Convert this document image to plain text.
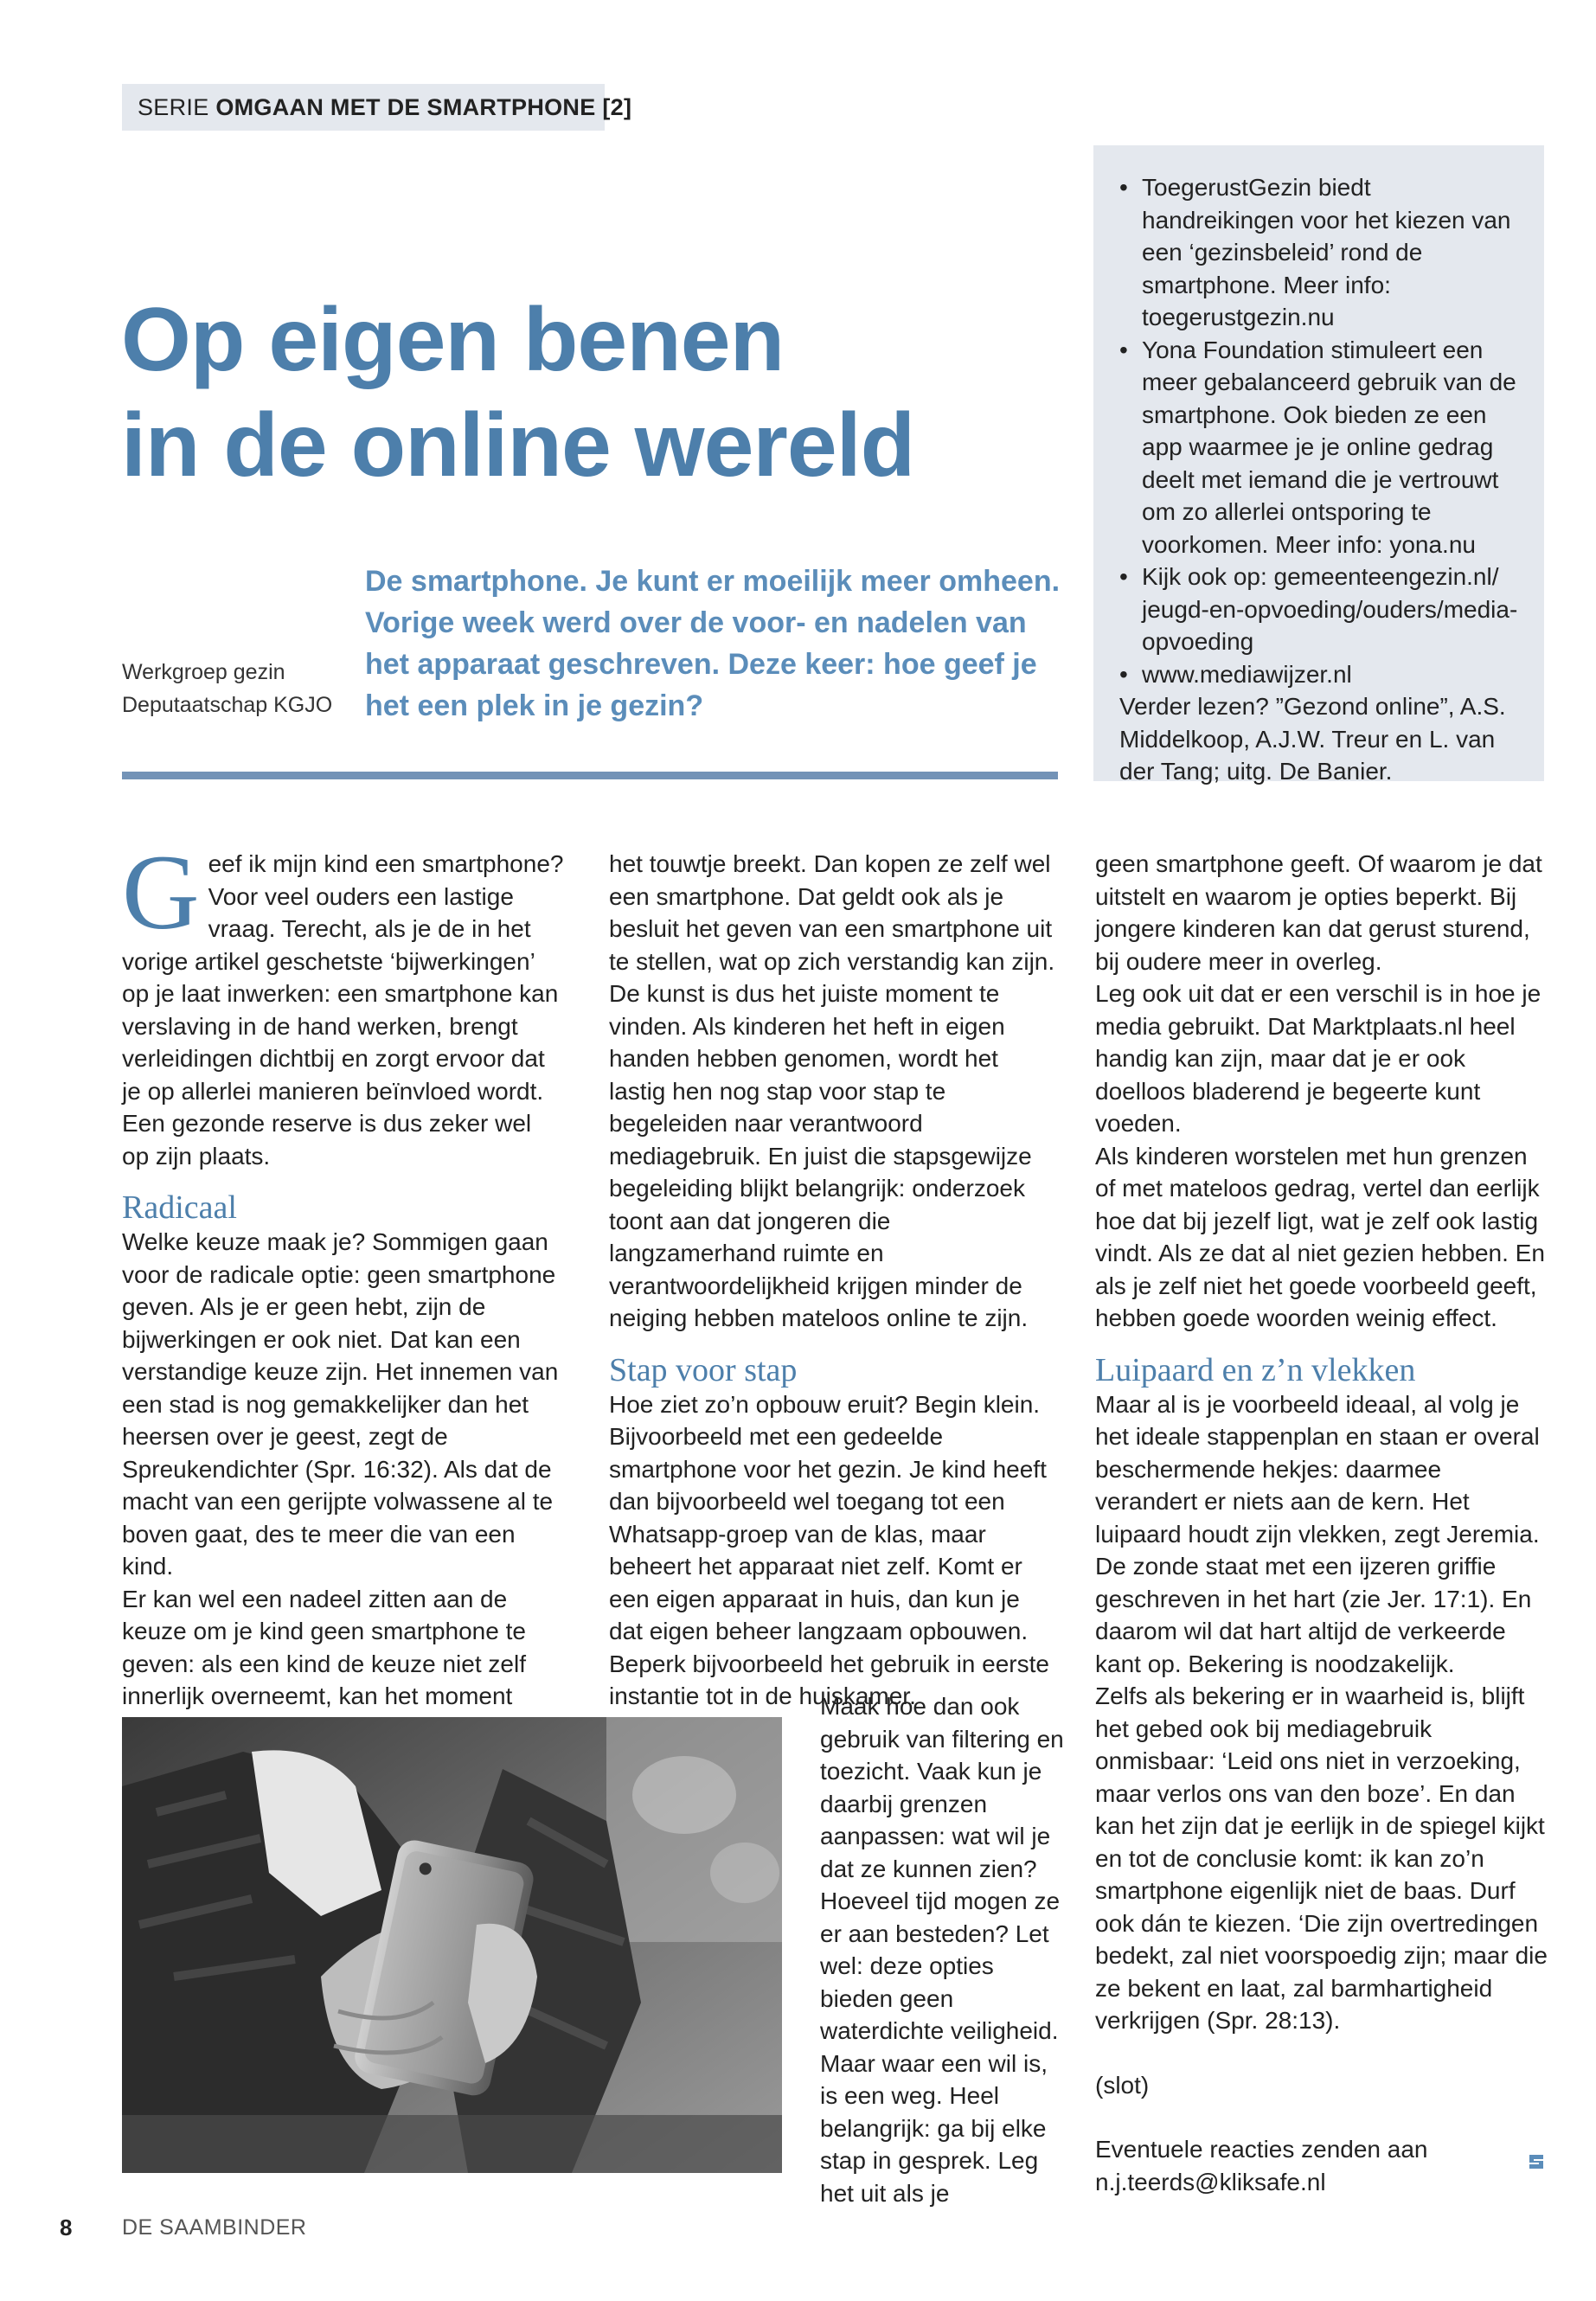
SERIE OMGAAN MET DE SMARTPHONE [2]
Op eigen benen
in de online wereld
Werkgroep gezin
Deputaatschap KGJO
De smartphone. Je kunt er moeilijk meer omheen. Vorige week werd over de voor- en nadelen van het apparaat geschreven. Deze keer: hoe geef je het een plek in je gezin?
• ToegerustGezin biedt handreikingen voor het kiezen van een ‘gezinsbeleid’ rond de smartphone. Meer info: toegerustgezin.nu
• Yona Foundation stimuleert een meer gebalanceerd gebruik van de smartphone. Ook bieden ze een app waarmee je je online gedrag deelt met iemand die je vertrouwt om zo allerlei ontsporing te voorkomen. Meer info: yona.nu
• Kijk ook op: gemeenteengezin.nl/ jeugd-en-opvoeding/ouders/media-opvoeding
• www.mediawijzer.nl

Verder lezen? ”Gezond online”, A.S. Middelkoop, A.J.W. Treur en L. van der Tang; uitg. De Banier.

Geef ik mijn kind een smartphone? Voor veel ouders een lastige vraag. Terecht, als je de in het vorige artikel geschetste ‘bijwerkingen’ op je laat inwerken: een smartphone kan verslaving in de hand werken, brengt verleidingen dichtbij en zorgt ervoor dat je op allerlei manieren beïnvloed wordt. Een gezonde reserve is dus zeker wel op zijn plaats.

Radicaal

Welke keuze maak je? Sommigen gaan voor de radicale optie: geen smartphone geven. Als je er geen hebt, zijn de bijwerkingen er ook niet. Dat kan een verstandige keuze zijn. Het innemen van een stad is nog gemakkelijker dan het heersen over je geest, zegt de Spreukendichter (Spr. 16:32). Als dat de macht van een gerijpte volwassene al te boven gaat, des te meer die van een kind.

Er kan wel een nadeel zitten aan de keuze om je kind geen smartphone te geven: als een kind de keuze niet zelf innerlijk overneemt, kan het moment

het touwtje breekt. Dan kopen ze zelf wel een smartphone. Dat geldt ook als je besluit het geven van een smartphone uit te stellen, wat op zich verstandig kan zijn. De kunst is dus het juiste moment te vinden. Als kinderen het heft in eigen handen hebben genomen, wordt het lastig hen nog stap voor stap te begeleiden naar verantwoord mediagebruik. En juist die stapsgewijze begeleiding blijkt belangrijk: onderzoek toont aan dat jongeren die langzamerhand ruimte en verantwoordelijkheid krijgen minder de neiging hebben mateloos online te zijn.

Stap voor stap

Hoe ziet zo’n opbouw eruit? Begin klein. Bijvoorbeeld met een gedeelde smartphone voor het gezin. Je kind heeft dan bijvoorbeeld wel toegang tot een Whatsapp-groep van de klas, maar beheert het apparaat niet zelf. Komt er een eigen apparaat in huis, dan kun je dat eigen beheer langzaam opbouwen. Beperk bijvoorbeeld het gebruik in eerste instantie tot in de huiskamer.

Maak hoe dan ook gebruik van filtering en toezicht. Vaak kun je daarbij grenzen aanpassen: wat wil je dat ze kunnen zien? Hoeveel tijd mogen ze er aan besteden? Let wel: deze opties bieden geen waterdichte veiligheid. Maar waar een wil is, is een weg. Heel belangrijk: ga bij elke stap in gesprek. Leg het uit als je

geen smartphone geeft. Of waarom je dat uitstelt en waarom je opties beperkt. Bij jongere kinderen kan dat gerust sturend, bij oudere meer in overleg.

Leg ook uit dat er een verschil is in hoe je media gebruikt. Dat Marktplaats.nl heel handig kan zijn, maar dat je er ook doelloos bladerend je begeerte kunt voeden.

Als kinderen worstelen met hun grenzen of met mateloos gedrag, vertel dan eerlijk hoe dat bij jezelf ligt, wat je zelf ook lastig vindt. Als ze dat al niet gezien hebben. En als je zelf niet het goede voorbeeld geeft, hebben goede woorden weinig effect.

Luipaard en z’n vlekken

Maar al is je voorbeeld ideaal, al volg je het ideale stappenplan en staan er overal beschermende hekjes: daarmee verandert er niets aan de kern. Het luipaard houdt zijn vlekken, zegt Jeremia. De zonde staat met een ijzeren griffie geschreven in het hart (zie Jer. 17:1). En daarom wil dat hart altijd de verkeerde kant op. Bekering is noodzakelijk.

Zelfs als bekering er in waarheid is, blijft het gebed ook bij mediagebruik onmisbaar: ‘Leid ons niet in verzoeking, maar verlos ons van den boze’. En dan kan het zijn dat je eerlijk in de spiegel kijkt en tot de conclusie komt: ik kan zo’n smartphone eigenlijk niet de baas. Durf ook dán te kiezen. ‘Die zijn overtredingen bedekt, zal niet voorspoedig zijn; maar die ze bekent en laat, zal barmhartigheid verkrijgen (Spr. 28:13).

(slot)

Eventuele reacties zenden aan

n.j.teerds@kliksafe.nl

8 DE SAAMBINDER
